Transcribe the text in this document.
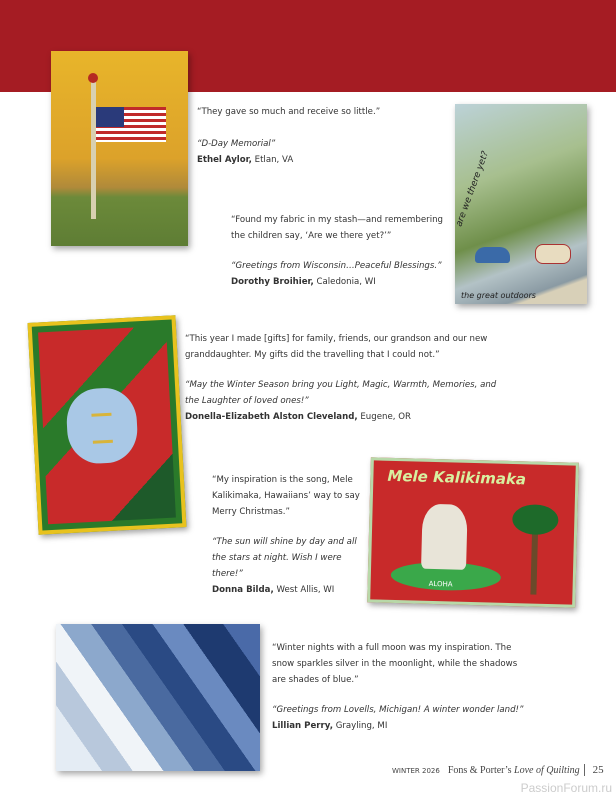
are we there yet?
the great outdoors
Mele Kalikimaka
ALOHA

“They gave so much and receive so little.”

“D-Day Memorial”
Ethel Aylor, Etlan, VA

“Found my fabric in my stash—and remembering the children say, ‘Are we there yet?’”

“Greetings from Wisconsin…Peaceful Blessings.”
Dorothy Broihier, Caledonia, WI

“This year I made [gifts] for family, friends, our grandson and our new granddaughter. My gifts did the travelling that I could not.”

“May the Winter Season bring you Light, Magic, Warmth, Memories, and the Laughter of loved ones!”
Donella-Elizabeth Alston Cleveland, Eugene, OR

“My inspiration is the song, Mele Kalikimaka, Hawaiians’ way to say Merry Christmas.”

“The sun will shine by day and all the stars at night. Wish I were there!”
Donna Bilda, West Allis, WI

“Winter nights with a full moon was my inspiration. The snow sparkles silver in the moonlight, while the shadows are shades of blue.”

“Greetings from Lovells, Michigan! A winter wonder land!”
Lillian Perry, Grayling, MI
WINTER 2026 Fons & Porter’s Love of Quilting 25
PassionForum.ru
